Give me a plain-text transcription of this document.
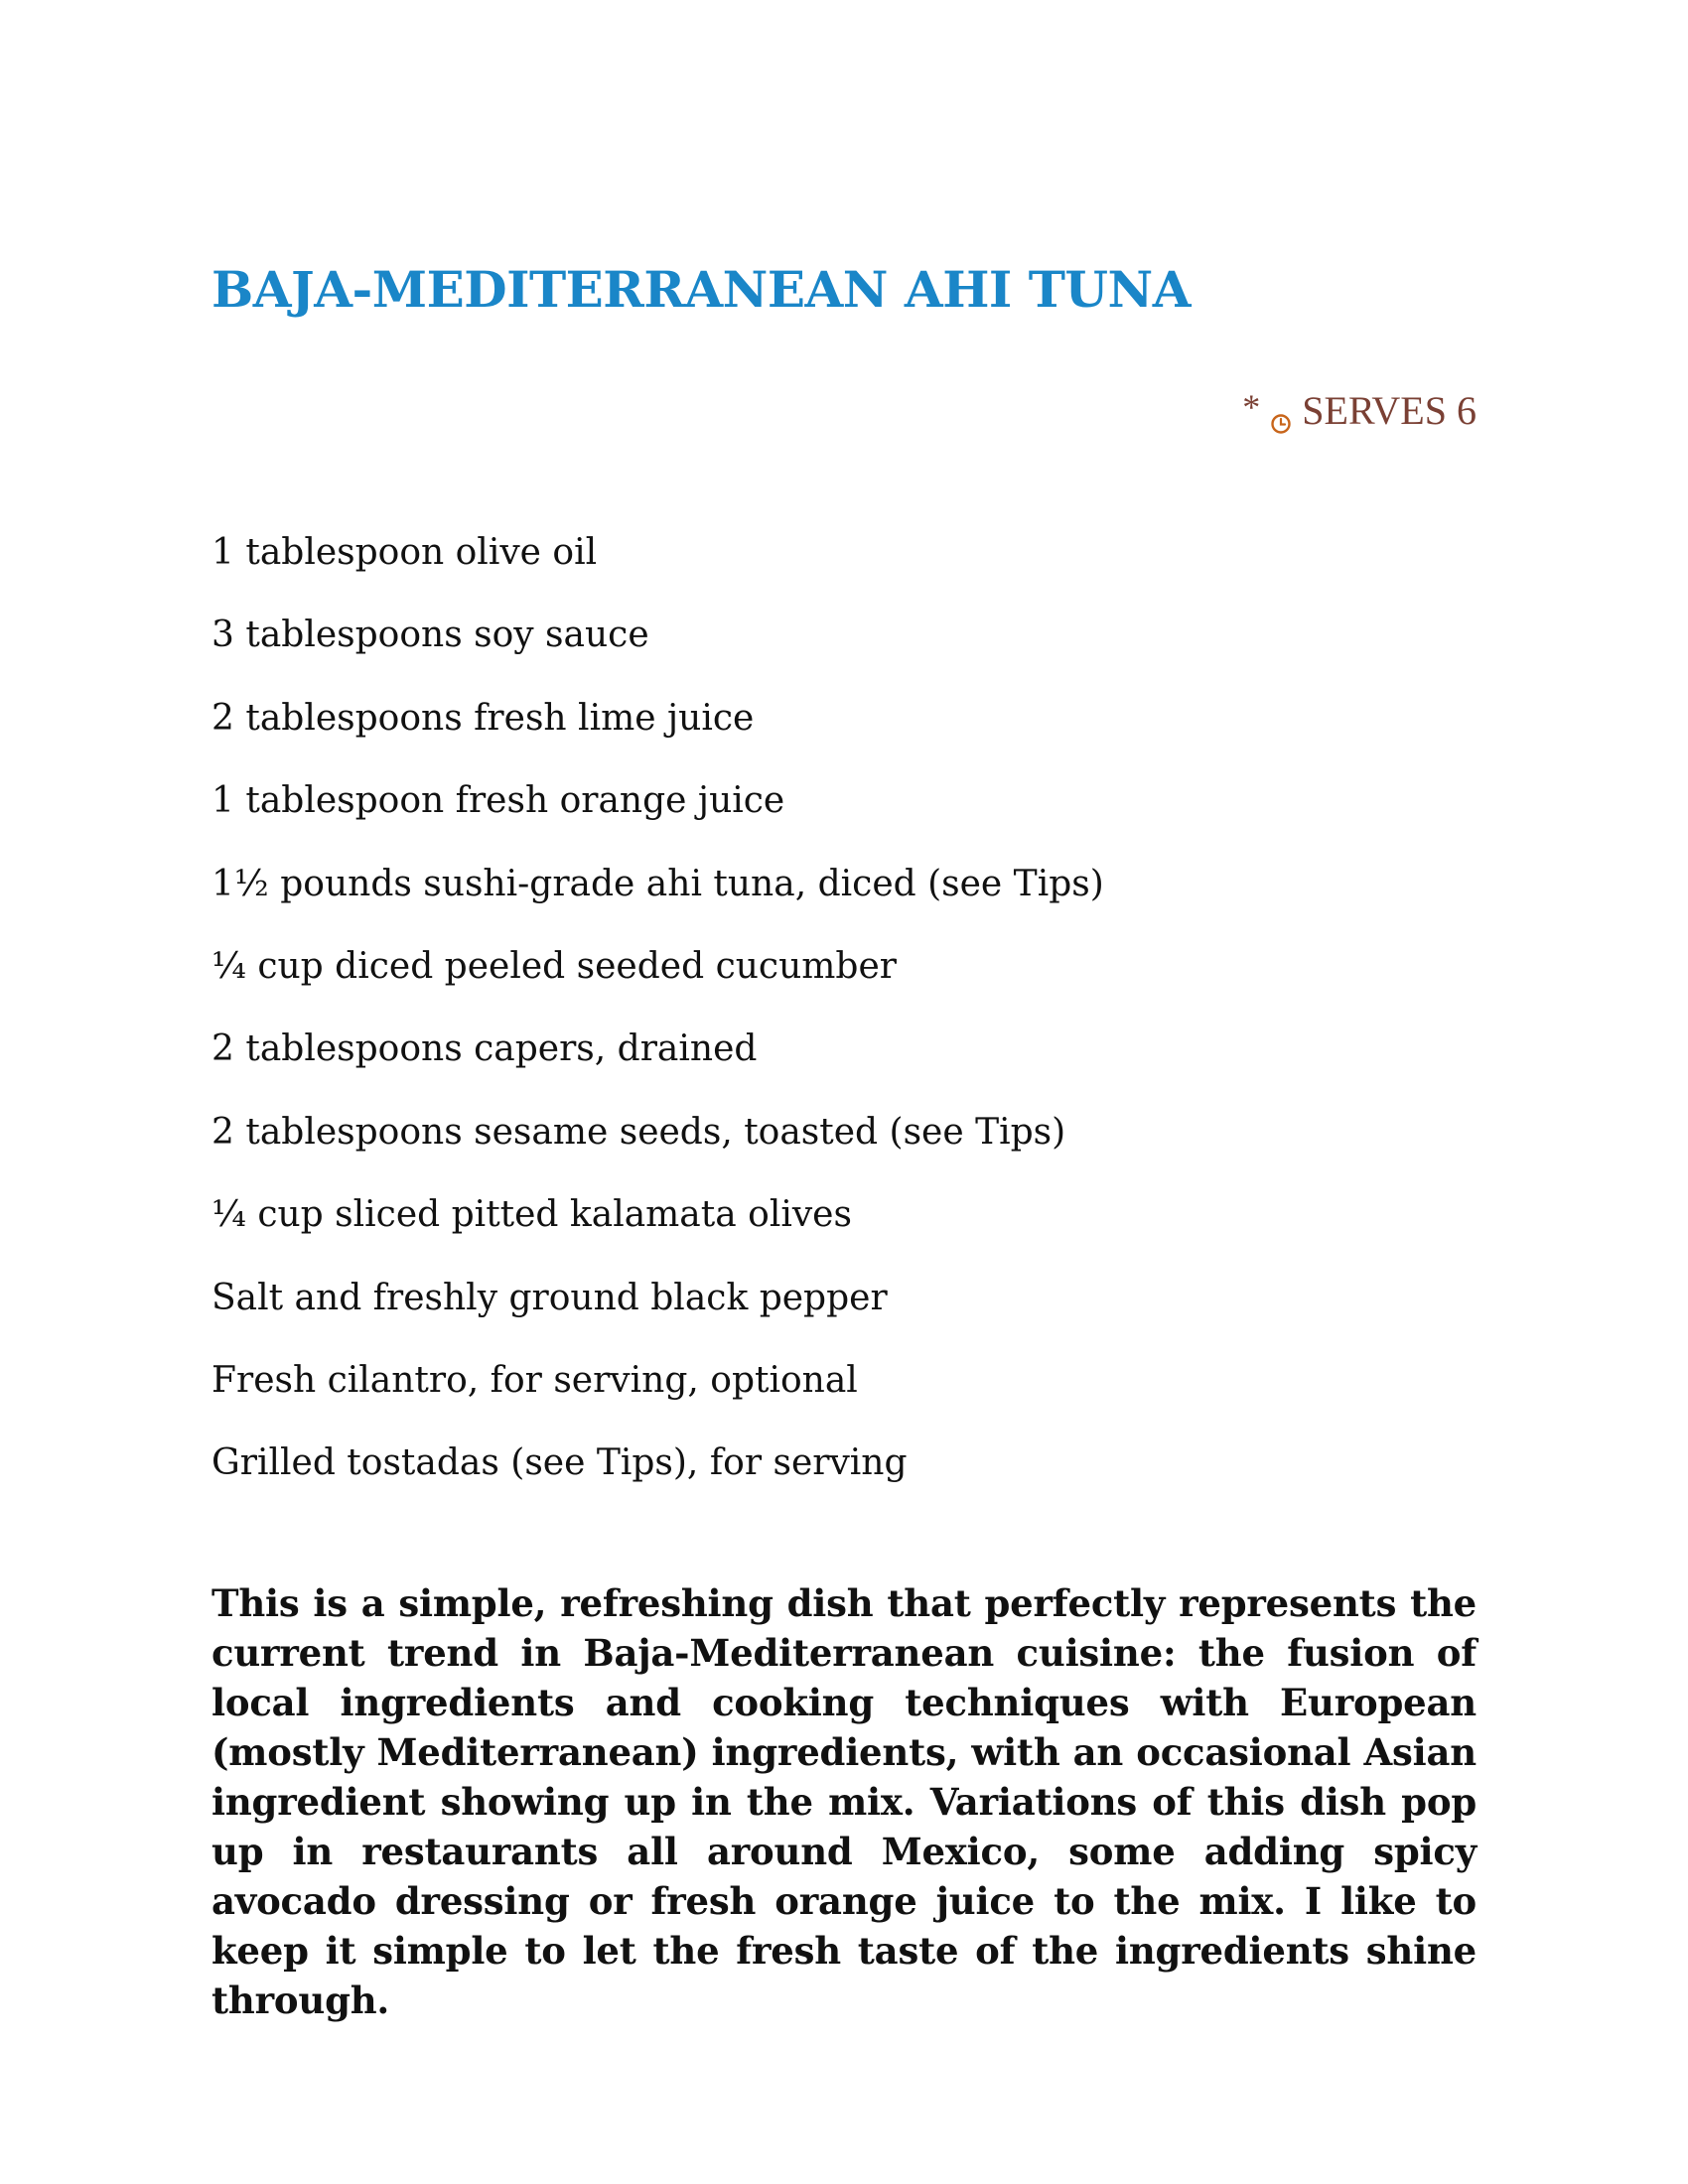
BAJA-MEDITERRANEAN AHI TUNA
* SERVES 6
1 tablespoon olive oil
3 tablespoons soy sauce
2 tablespoons fresh lime juice
1 tablespoon fresh orange juice
1½ pounds sushi-grade ahi tuna, diced (see Tips)
¼ cup diced peeled seeded cucumber
2 tablespoons capers, drained
2 tablespoons sesame seeds, toasted (see Tips)
¼ cup sliced pitted kalamata olives
Salt and freshly ground black pepper
Fresh cilantro, for serving, optional
Grilled tostadas (see Tips), for serving

This is a simple, refreshing dish that perfectly represents the current trend in Baja-Mediterranean cuisine: the fusion of local ingredients and cooking techniques with European (mostly Mediterranean) ingredients, with an occasional Asian ingredient showing up in the mix. Variations of this dish pop up in restaurants all around Mexico, some adding spicy avocado dressing or fresh orange juice to the mix. I like to keep it simple to let the fresh taste of the ingredients shine through.
